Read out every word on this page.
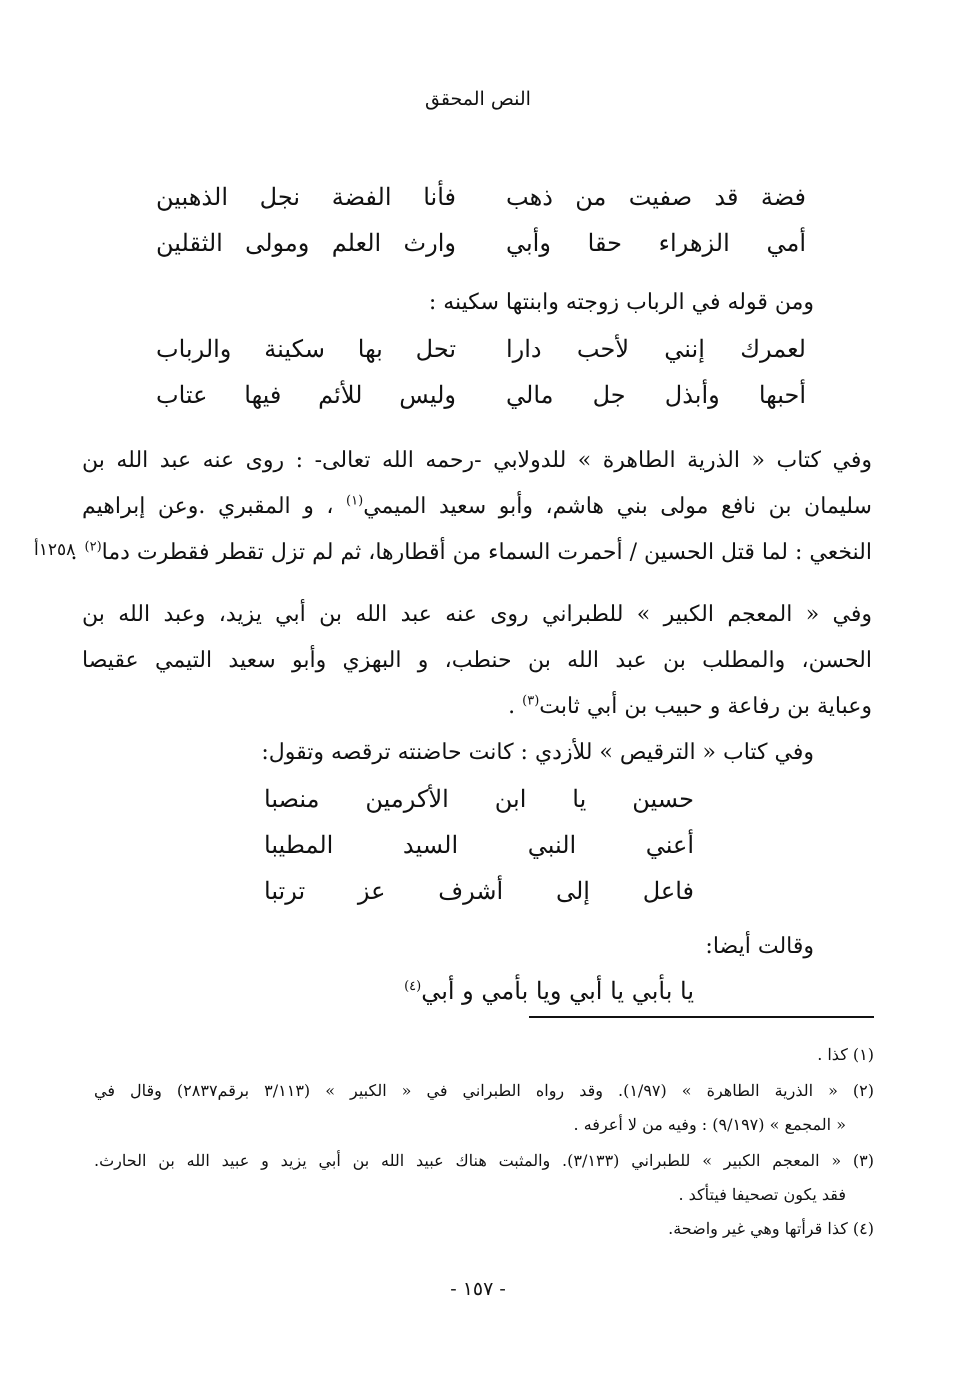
النص المحقق
فضة قد صفيت من ذهب
فأنا الفضة نجل الذهبين
أمي الزهراء حقا وأبي
وارث العلم ومولى الثقلين
ومن قوله في الرباب زوجته وابنتها سكينه :
لعمرك إنني لأحب دارا
تحل بها سكينة والرباب
أحبها وأبذل جل مالي
وليس للأئم فيها عتاب
وفي كتاب « الذرية الطاهرة » للدولابي -رحمه الله تعالى- : روى عنه عبد الله بن
سليمان بن نافع مولى بني هاشم، وأبو سعيد الميمي$^{(١)}$ ، و المقبري .وعن إبراهيم
النخعي : لما قتل الحسين / أحمرت السماء من أقطارها، ثم لم تزل تقطر فقطرت دما$^{(٢)}$ .
١٢٥٨أ
وفي « المعجم الكبير » للطبراني روى عنه عبد الله بن أبي يزيد، وعبد الله بن
الحسن، والمطلب بن عبد الله بن حنطب، و البهزي وأبو سعيد التيمي عقيصا
وعباية بن رفاعة و حبيب بن أبي ثابت$^{(٣)}$ .
وفي كتاب « الترقيص » للأزدي : كانت حاضنته ترقصه وتقول:
حسين يا ابن الأكرمين منصبا
أعني النبي السيد المطيبا
فاعل إلى أشرف عز ترتبا
وقالت أيضا:
يا بأبي يا أبي ويا بأمي و أبي$^{(٤)}$
(١) كذا .
(٢) « الذرية الطاهرة » (١/٩٧). وقد رواه الطبراني في « الكبير » (٣/١١٣ برقم٢٨٣٧) وقال في
« المجمع » (٩/١٩٧) : وفيه من لا أعرفه .
(٣) « المعجم الكبير » للطبراني (٣/١٣٣). والمثبت هناك عبيد الله بن أبي يزيد و عبيد الله بن الحارث.
فقد يكون تصحيفا فيتأكد .
(٤) كذا قرأتها وهي غير واضحة.
- ١٥٧ -
